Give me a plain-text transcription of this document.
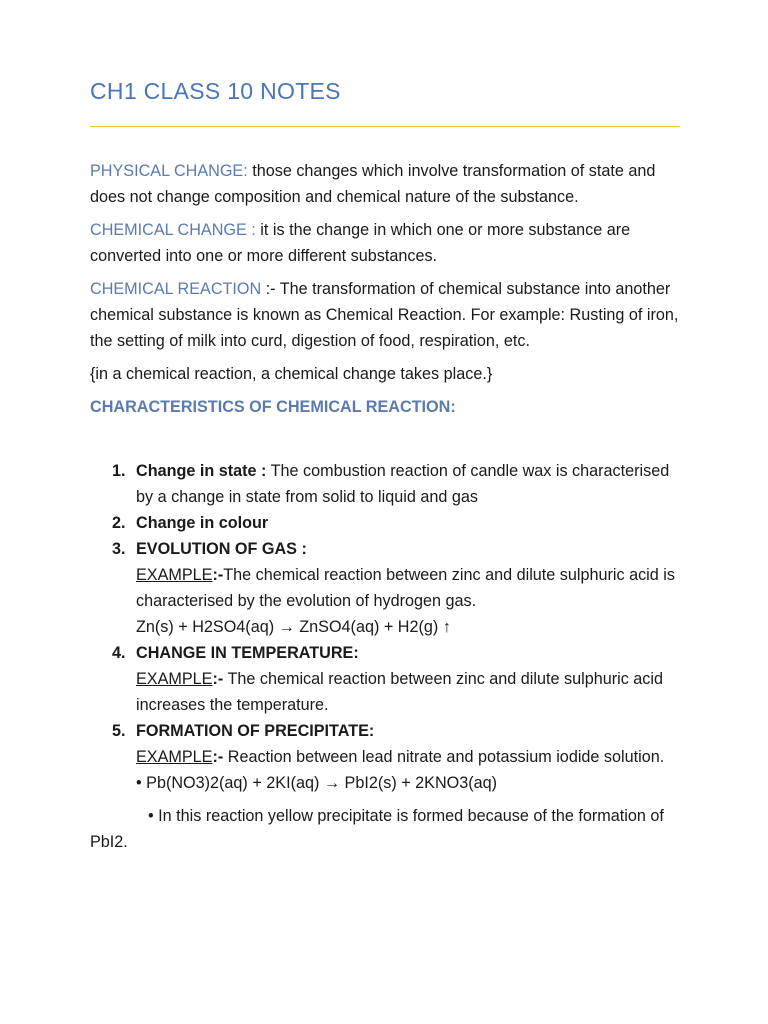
CH1 CLASS 10 NOTES

PHYSICAL CHANGE: those changes which involve transformation of state and does not change composition and chemical nature of the substance.

CHEMICAL CHANGE : it is the change in which one or more substance are converted into one or more different substances.

CHEMICAL REACTION :- The transformation of chemical substance into another chemical substance is known as Chemical Reaction. For example: Rusting of iron, the setting of milk into curd, digestion of food, respiration, etc.

{in a chemical reaction, a chemical change takes place.}

CHARACTERISTICS OF CHEMICAL REACTION:

1. Change in state : The combustion reaction of candle wax is characterised by a change in state from solid to liquid and gas
2. Change in colour
3. EVOLUTION OF GAS :
EXAMPLE:-The chemical reaction between zinc and dilute sulphuric acid is characterised by the evolution of hydrogen gas.
Zn(s) + H2SO4(aq) → ZnSO4(aq) + H2(g) ↑
4. CHANGE IN TEMPERATURE:
EXAMPLE:- The chemical reaction between zinc and dilute sulphuric acid increases the temperature.
5. FORMATION OF PRECIPITATE:
EXAMPLE:- Reaction between lead nitrate and potassium iodide solution.
• Pb(NO3)2(aq) + 2KI(aq) → PbI2(s) + 2KNO3(aq)

• In this reaction yellow precipitate is formed because of the formation of PbI2.
